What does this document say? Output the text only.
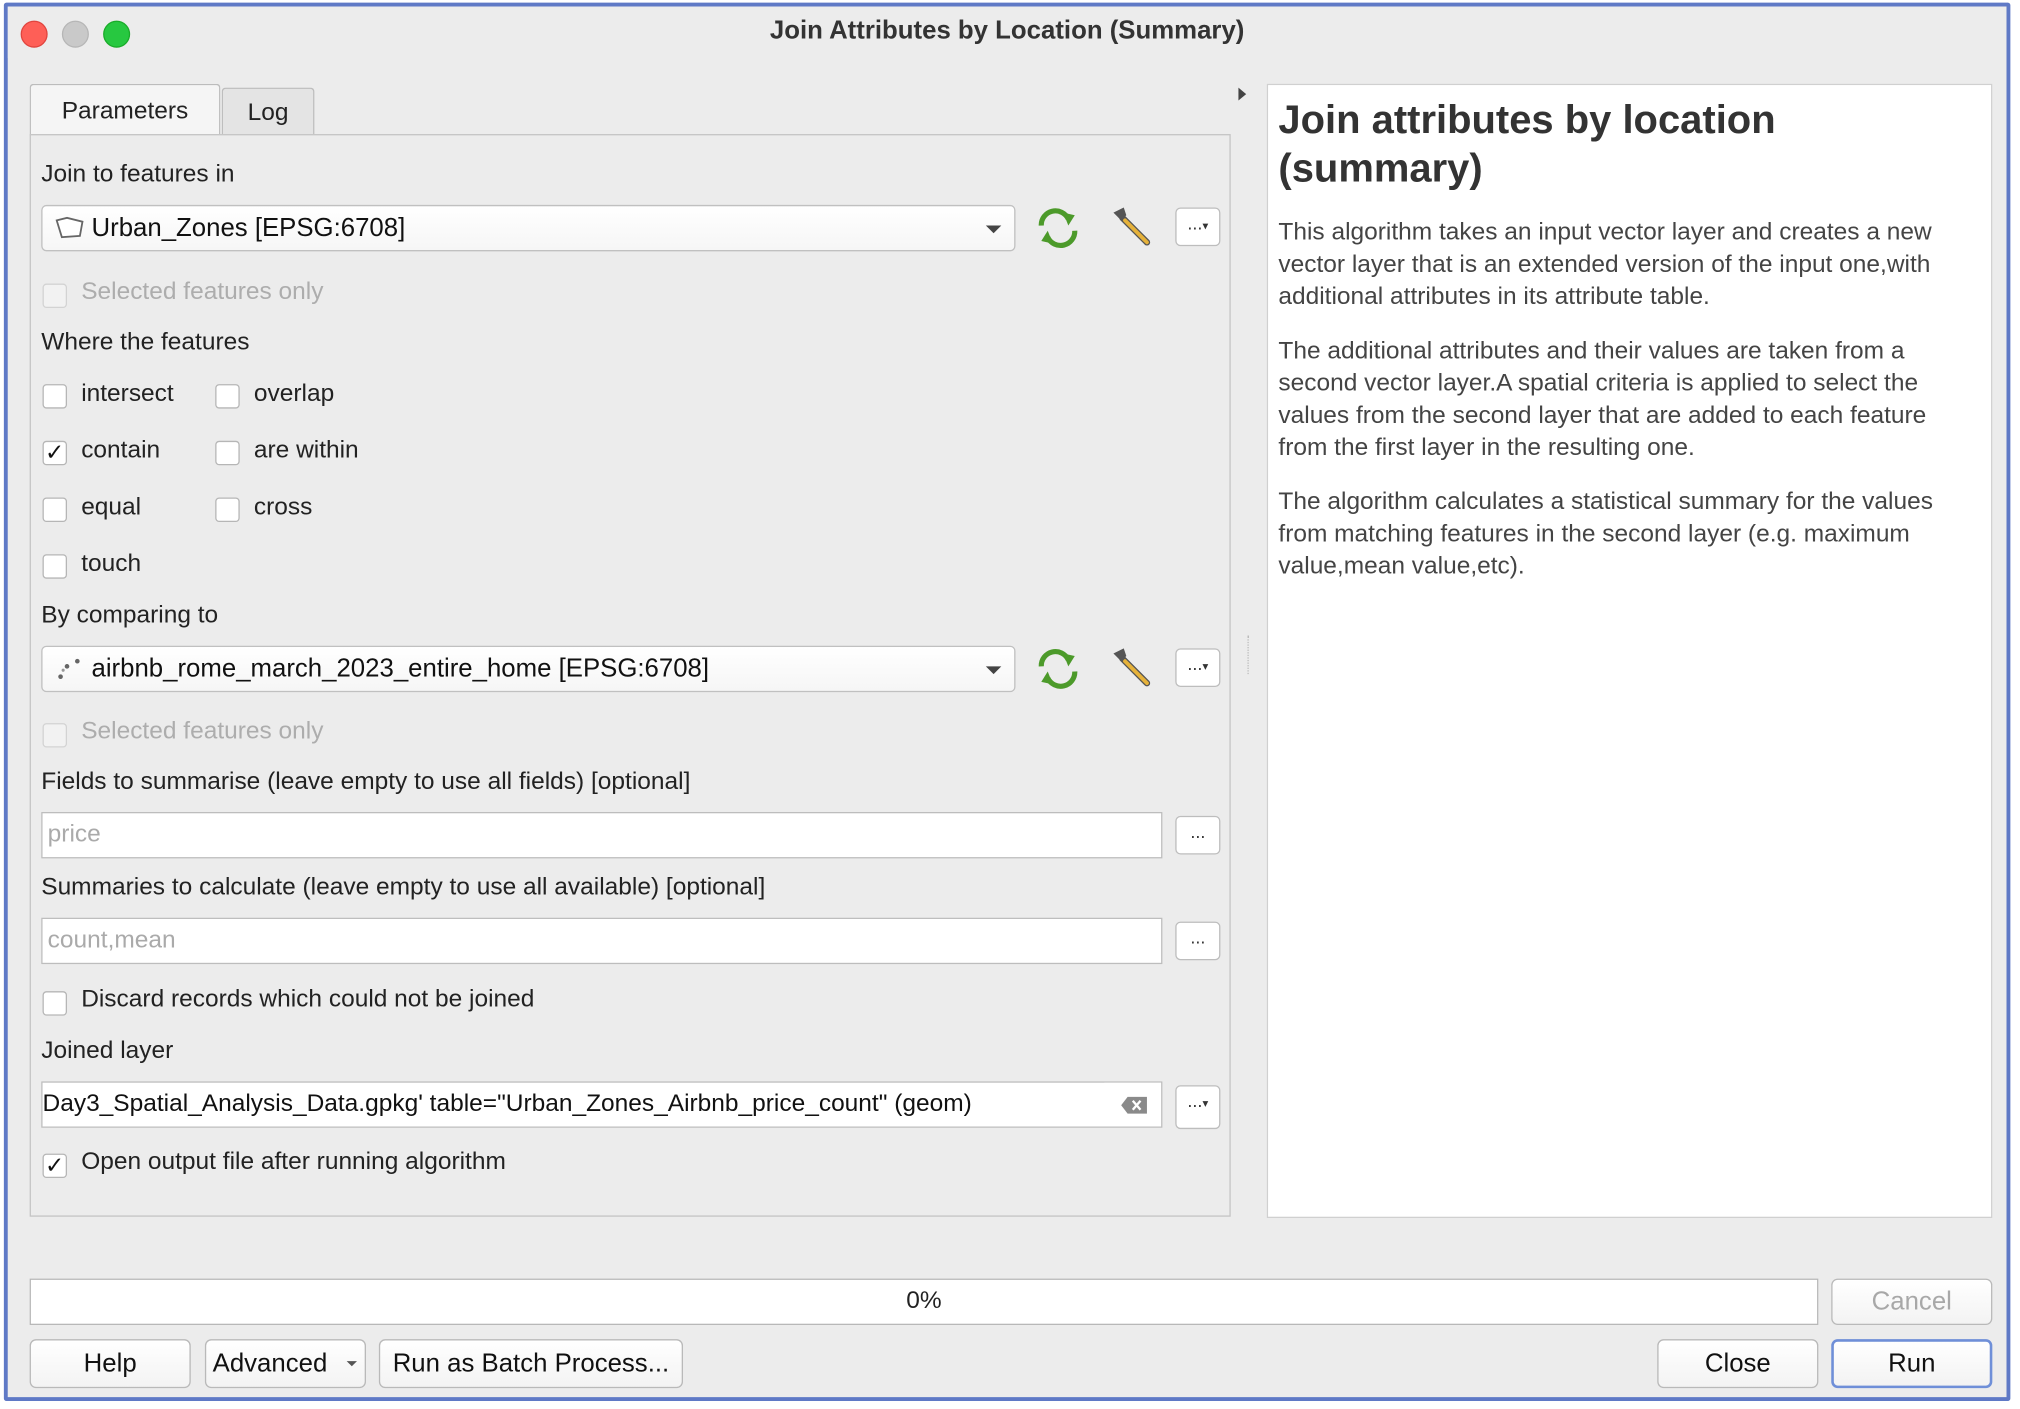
Join Attributes by Location (Summary)
Parameters	Log
Join to features in
Urban_Zones [EPSG:6708]	...▾
Selected features only
Where the features
intersect	overlap
✓ contain	are within
equal	cross
touch
By comparing to
airbnb_rome_march_2023_entire_home [EPSG:6708]	...▾
Selected features only
Fields to summarise (leave empty to use all fields) [optional]
price	...
Summaries to calculate (leave empty to use all available) [optional]
count,mean	...
Discard records which could not be joined
Joined layer
Day3_Spatial_Analysis_Data.gpkg' table="Urban_Zones_Airbnb_price_count" (geom)	...▾
✓ Open output file after running algorithm
Join attributes by location (summary)

This algorithm takes an input vector layer and creates a new vector layer that is an extended version of the input one,with additional attributes in its attribute table.

The additional attributes and their values are taken from a second vector layer.A spatial criteria is applied to select the values from the second layer that are added to each feature from the first layer in the resulting one.

The algorithm calculates a statistical summary for the values from matching features in the second layer (e.g. maximum value,mean value,etc).

0%	Cancel
Help	Advanced	Run as Batch Process...	Close	Run
